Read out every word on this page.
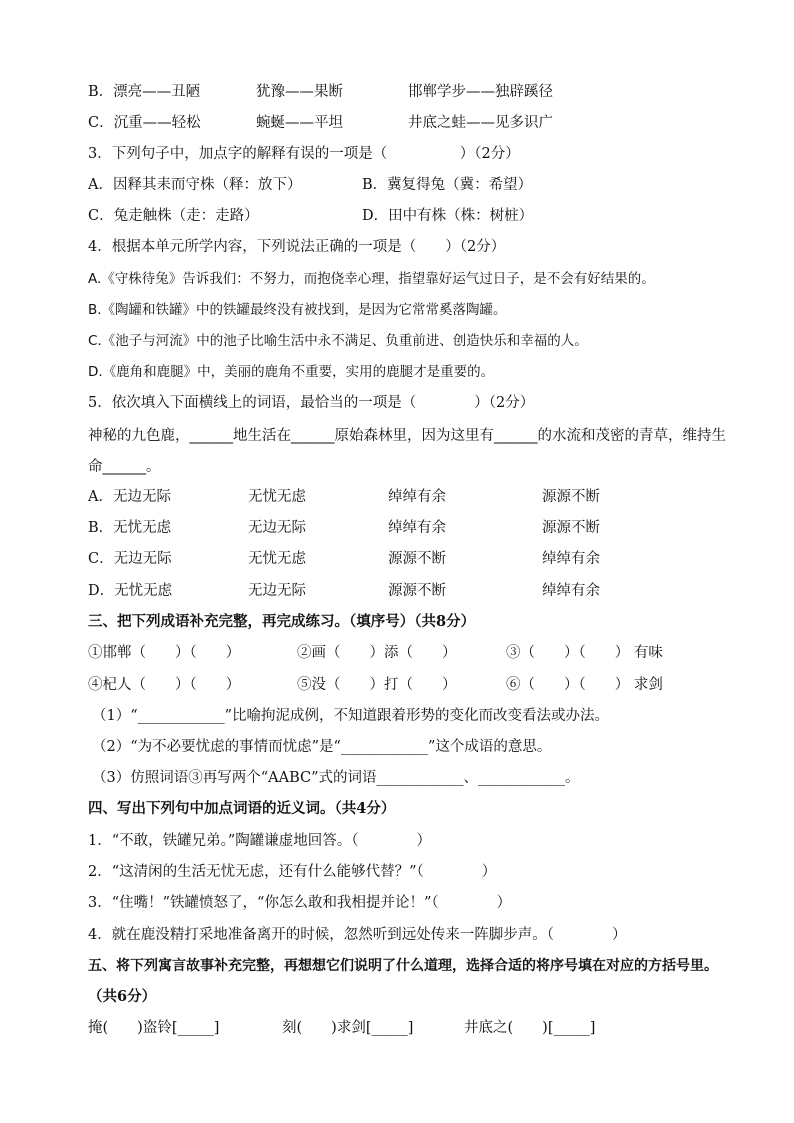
B．漂亮——丑陋	犹豫——果断	邯郸学步——独辟蹊径
C．沉重——轻松	蜿蜒——平坦	井底之蛙——见多识广
3．下列句子中，加点字的解释有误的一项是（　　　　　）（2分）
A．因释其耒而守株（释：放下）	B．冀复得兔（冀：希望）
C．兔走触株（走：走路）	D．田中有株（株：树桩）
4．根据本单元所学内容，下列说法正确的一项是（　　）（2分）
A.《守株待兔》告诉我们：不努力，而抱侥幸心理，指望靠好运气过日子，是不会有好结果的。
B.《陶罐和铁罐》中的铁罐最终没有被找到，是因为它常常奚落陶罐。
C.《池子与河流》中的池子比喻生活中永不满足、负重前进、创造快乐和幸福的人。
D.《鹿角和鹿腿》中，美丽的鹿角不重要，实用的鹿腿才是重要的。
5．依次填入下面横线上的词语，最恰当的一项是（　　　　）（2分）
神秘的九色鹿，______地生活在______原始森林里，因为这里有______的水流和茂密的青草，维持生
命______。
A．无边无际	无忧无虑	绰绰有余	源源不断
B．无忧无虑	无边无际	绰绰有余	源源不断
C．无边无际	无忧无虑	源源不断	绰绰有余
D．无忧无虑	无边无际	源源不断	绰绰有余
三、把下列成语补充完整，再完成练习。（填序号）（共8分）
①邯郸（　　）（　　）	②画（　　）添（　　）	③（　　）（　　） 有味
④杞人（　　）（　　）	⑤没（　　）打（　　）	⑥（　　）（　　） 求剑
（1）“____________”比喻拘泥成例，不知道跟着形势的变化而改变看法或办法。
（2）“为不必要忧虑的事情而忧虑”是“____________”这个成语的意思。
（3）仿照词语③再写两个“AABC”式的词语____________、____________。
四、写出下列句中加点词语的近义词。（共4分）
1．“不敢，铁罐兄弟。”陶罐谦虚地回答。（　　　　）
2．“这清闲的生活无忧无虑，还有什么能够代替？”（　　　　）
3．“住嘴！”铁罐愤怒了，“你怎么敢和我相提并论！”（　　　　）
4．就在鹿没精打采地准备离开的时候，忽然听到远处传来一阵脚步声。（　　　　）
五、将下列寓言故事补充完整，再想想它们说明了什么道理，选择合适的将序号填在对应的方括号里。
（共6分）
掩(　　)盗铃[_____]	刻(　　)求剑[_____]	井底之(　　)[_____]
